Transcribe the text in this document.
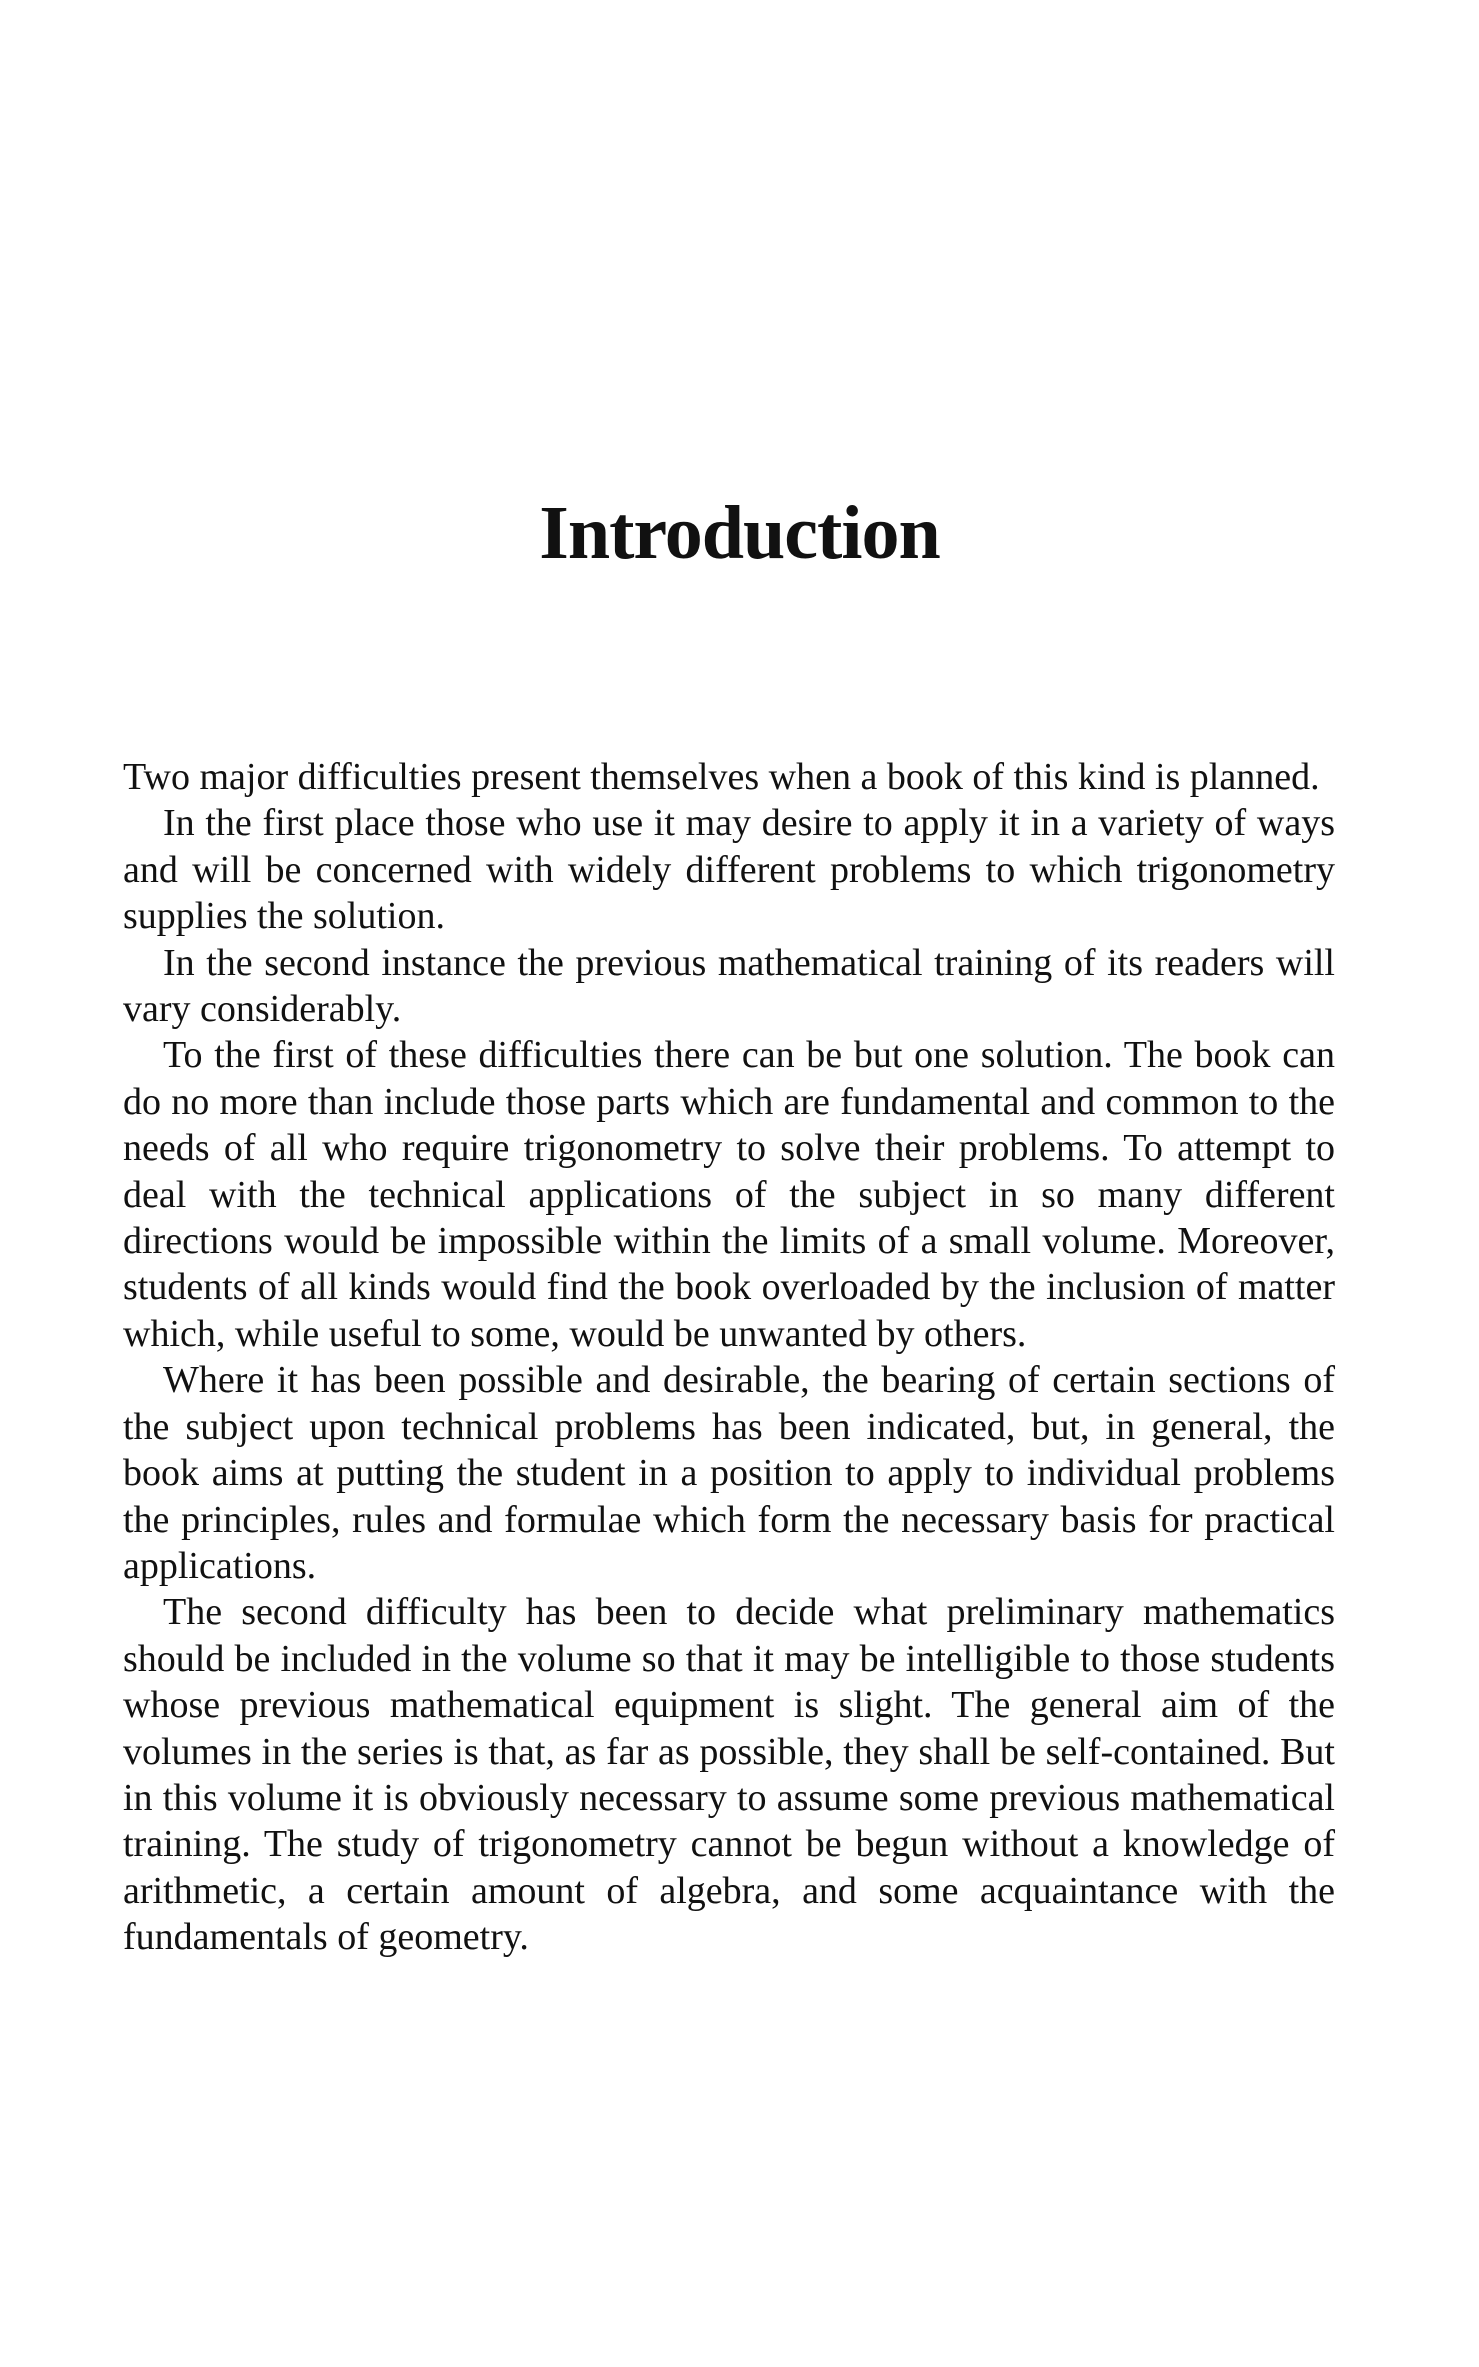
Introduction

Two major difficulties present themselves when a book of this kind is planned.

In the first place those who use it may desire to apply it in a variety of ways and will be concerned with widely different problems to which trigonometry supplies the solution.

In the second instance the previous mathematical training of its readers will vary considerably.

To the first of these difficulties there can be but one solution. The book can do no more than include those parts which are fundamental and common to the needs of all who require trigonometry to solve their problems. To attempt to deal with the technical applications of the subject in so many different directions would be impossible within the limits of a small volume. Moreover, students of all kinds would find the book overloaded by the inclusion of matter which, while useful to some, would be unwanted by others.

Where it has been possible and desirable, the bearing of certain sections of the subject upon technical problems has been indicated, but, in general, the book aims at putting the student in a position to apply to individual problems the principles, rules and formulae which form the necessary basis for practical applications.

The second difficulty has been to decide what preliminary mathematics should be included in the volume so that it may be intelligible to those students whose previous mathematical equipment is slight. The general aim of the volumes in the series is that, as far as possible, they shall be self-contained. But in this volume it is obviously necessary to assume some previous mathematical training. The study of trigonometry cannot be begun without a knowledge of arithmetic, a certain amount of algebra, and some acquaintance with the fundamentals of geometry.
